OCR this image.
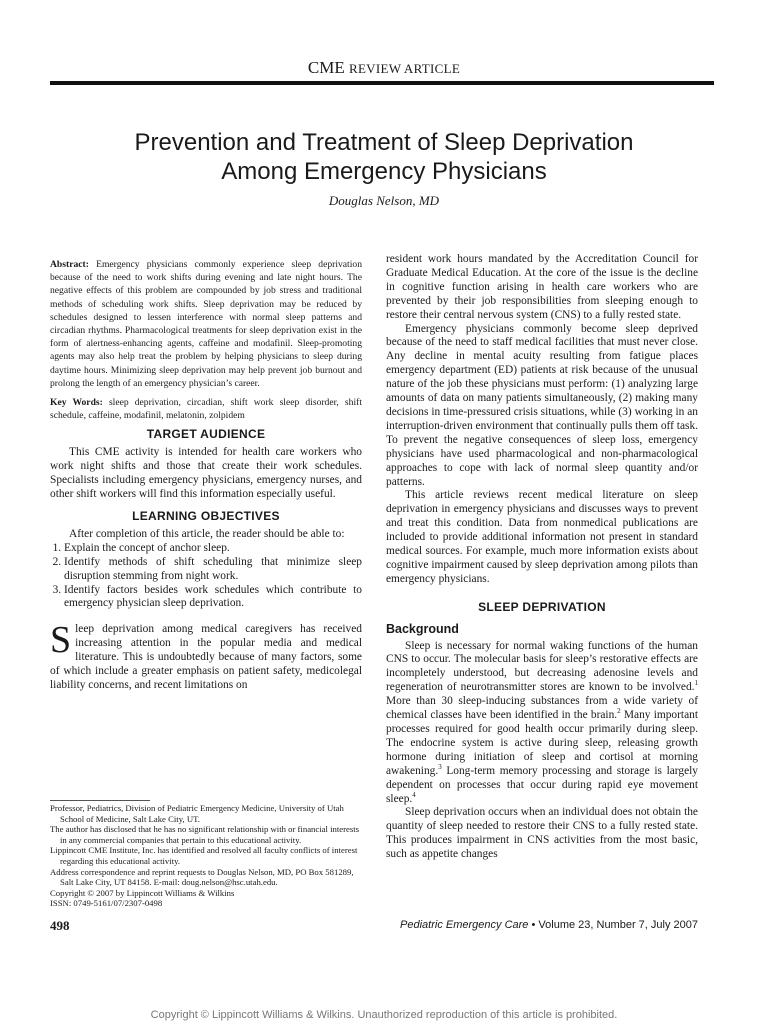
CME REVIEW ARTICLE
Prevention and Treatment of Sleep Deprivation
Among Emergency Physicians
Douglas Nelson, MD

Abstract: Emergency physicians commonly experience sleep deprivation because of the need to work shifts during evening and late night hours. The negative effects of this problem are compounded by job stress and traditional methods of scheduling work shifts. Sleep deprivation may be reduced by schedules designed to lessen interference with normal sleep patterns and circadian rhythms. Pharmacological treatments for sleep deprivation exist in the form of alertness-enhancing agents, caffeine and modafinil. Sleep-promoting agents may also help treat the problem by helping physicians to sleep during daytime hours. Minimizing sleep deprivation may help prevent job burnout and prolong the length of an emergency physician’s career.

Key Words: sleep deprivation, circadian, shift work sleep disorder, shift schedule, caffeine, modafinil, melatonin, zolpidem

TARGET AUDIENCE

This CME activity is intended for health care workers who work night shifts and those that create their work schedules. Specialists including emergency physicians, emergency nurses, and other shift workers will find this information especially useful.

LEARNING OBJECTIVES

After completion of this article, the reader should be able to:

1. Explain the concept of anchor sleep.
2. Identify methods of shift scheduling that minimize sleep disruption stemming from night work.
3. Identify factors besides work schedules which contribute to emergency physician sleep deprivation.

Sleep deprivation among medical caregivers has received increasing attention in the popular media and medical literature. This is undoubtedly because of many factors, some of which include a greater emphasis on patient safety, medicolegal liability concerns, and recent limitations on

resident work hours mandated by the Accreditation Council for Graduate Medical Education. At the core of the issue is the decline in cognitive function arising in health care workers who are prevented by their job responsibilities from sleeping enough to restore their central nervous system (CNS) to a fully rested state.

Emergency physicians commonly become sleep deprived because of the need to staff medical facilities that must never close. Any decline in mental acuity resulting from fatigue places emergency department (ED) patients at risk because of the unusual nature of the job these physicians must perform: (1) analyzing large amounts of data on many patients simultaneously, (2) making many decisions in time-pressured crisis situations, while (3) working in an interruption-driven environment that continually pulls them off task. To prevent the negative consequences of sleep loss, emergency physicians have used pharmacological and non-pharmacological approaches to cope with lack of normal sleep quantity and/or patterns.

This article reviews recent medical literature on sleep deprivation in emergency physicians and discusses ways to prevent and treat this condition. Data from nonmedical publications are included to provide additional information not present in standard medical sources. For example, much more information exists about cognitive impairment caused by sleep deprivation among pilots than emergency physicians.

SLEEP DEPRIVATION
Background

Sleep is necessary for normal waking functions of the human CNS to occur. The molecular basis for sleep’s restorative effects are incompletely understood, but decreasing adenosine levels and regeneration of neurotransmitter stores are known to be involved.$^1$ More than 30 sleep-inducing substances from a wide variety of chemical classes have been identified in the brain.$^2$ Many important processes required for good health occur primarily during sleep. The endocrine system is active during sleep, releasing growth hormone during initiation of sleep and cortisol at morning awakening.$^3$ Long-term memory processing and storage is largely dependent on processes that occur during rapid eye movement sleep.$^4$

Sleep deprivation occurs when an individual does not obtain the quantity of sleep needed to restore their CNS to a fully rested state. This produces impairment in CNS activities from the most basic, such as appetite changes

Professor, Pediatrics, Division of Pediatric Emergency Medicine, University of Utah School of Medicine, Salt Lake City, UT.

The author has disclosed that he has no significant relationship with or financial interests in any commercial companies that pertain to this educational activity.

Lippincott CME Institute, Inc. has identified and resolved all faculty conflicts of interest regarding this educational activity.

Address correspondence and reprint requests to Douglas Nelson, MD, PO Box 581289, Salt Lake City, UT 84158. E-mail: doug.nelson@hsc.utah.edu.

Copyright © 2007 by Lippincott Williams & Wilkins

ISSN: 0749-5161/07/2307-0498

498	Pediatric Emergency Care • Volume 23, Number 7, July 2007
Copyright © Lippincott Williams & Wilkins. Unauthorized reproduction of this article is prohibited.
